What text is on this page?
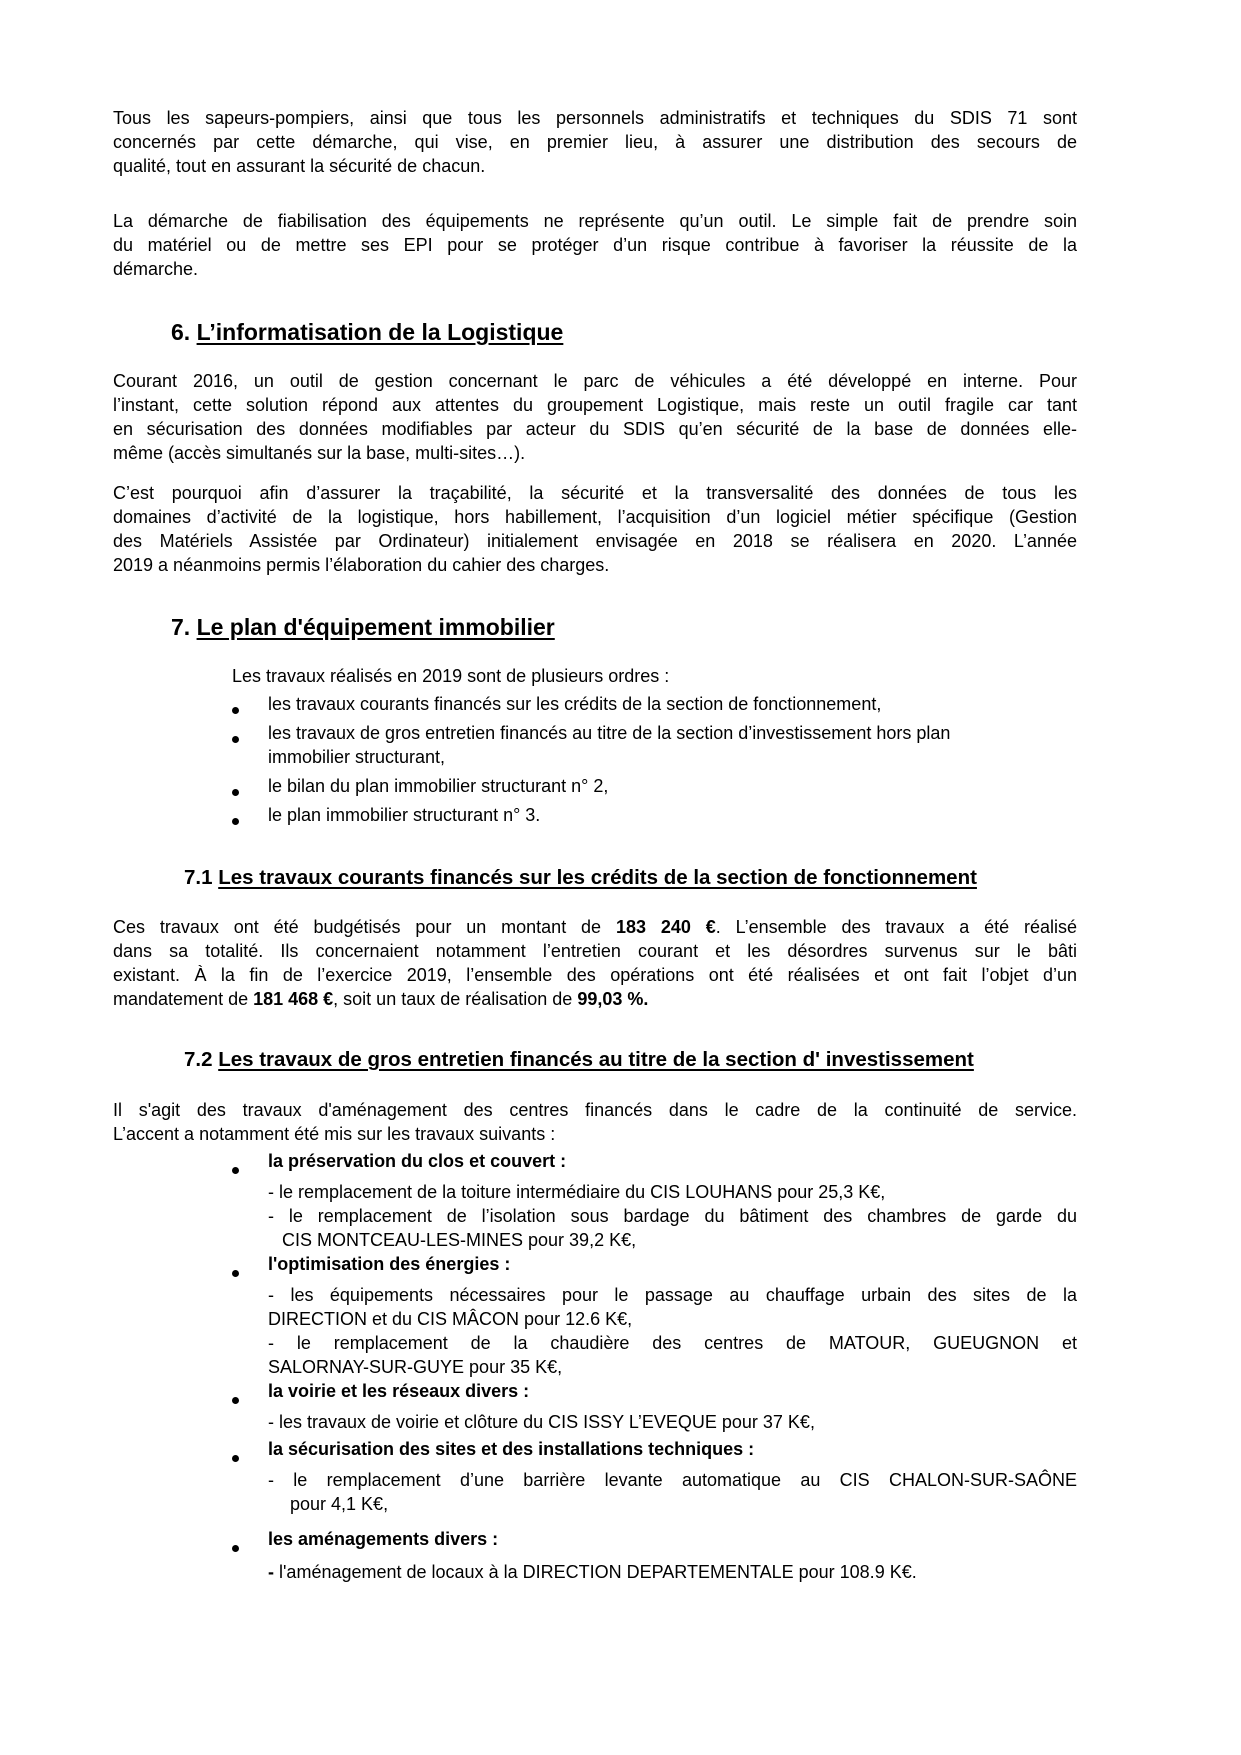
Tous les sapeurs-pompiers, ainsi que tous les personnels administratifs et techniques du SDIS 71 sont
concernés par cette démarche, qui vise, en premier lieu, à assurer une distribution des secours de
qualité, tout en assurant la sécurité de chacun.
La démarche de fiabilisation des équipements ne représente qu’un outil. Le simple fait de prendre soin
du matériel ou de mettre ses EPI pour se protéger d’un risque contribue à favoriser la réussite de la
démarche.
6. L’informatisation de la Logistique
Courant 2016, un outil de gestion concernant le parc de véhicules a été développé en interne. Pour
l’instant, cette solution répond aux attentes du groupement Logistique, mais reste un outil fragile car tant
en sécurisation des données modifiables par acteur du SDIS qu’en sécurité de la base de données elle-
même (accès simultanés sur la base, multi-sites…).
C’est pourquoi afin d’assurer la traçabilité, la sécurité et la transversalité des données de tous les
domaines d’activité de la logistique, hors habillement, l’acquisition d’un logiciel métier spécifique (Gestion
des Matériels Assistée par Ordinateur) initialement envisagée en 2018 se réalisera en 2020. L’année
2019 a néanmoins permis l’élaboration du cahier des charges.
7. Le plan d'équipement immobilier

Les travaux réalisés en 2019 sont de plusieurs ordres :

les travaux courants financés sur les crédits de la section de fonctionnement,

les travaux de gros entretien financés au titre de la section d’investissement hors plan

immobilier structurant,

le bilan du plan immobilier structurant n° 2,

le plan immobilier structurant n° 3.

7.1 Les travaux courants financés sur les crédits de la section de fonctionnement
Ces travaux ont été budgétisés pour un montant de 183 240 €. L’ensemble des travaux a été réalisé
dans sa totalité. Ils concernaient notamment l’entretien courant et les désordres survenus sur le bâti
existant. À la fin de l’exercice 2019, l’ensemble des opérations ont été réalisées et ont fait l’objet d’un
mandatement de 181 468 €, soit un taux de réalisation de 99,03 %.
7.2 Les travaux de gros entretien financés au titre de la section d' investissement
Il s'agit des travaux d'aménagement des centres financés dans le cadre de la continuité de service.
L’accent a notamment été mis sur les travaux suivants :

la préservation du clos et couvert :

- le remplacement de la toiture intermédiaire du CIS LOUHANS pour 25,3 K€,
- le remplacement de l’isolation sous bardage du bâtiment des chambres de garde du
CIS MONTCEAU-LES-MINES pour 39,2 K€,

l'optimisation des énergies :

- les équipements nécessaires pour le passage au chauffage urbain des sites de la
DIRECTION et du CIS MÂCON pour 12.6 K€,
- le remplacement de la chaudière des centres de MATOUR, GUEUGNON et
SALORNAY-SUR-GUYE pour 35 K€,

la voirie et les réseaux divers :

- les travaux de voirie et clôture du CIS ISSY L’EVEQUE pour 37 K€,

la sécurisation des sites et des installations techniques :

- le remplacement d’une barrière levante automatique au CIS CHALON-SUR-SAÔNE
pour 4,1 K€,

les aménagements divers :

- l'aménagement de locaux à la DIRECTION DEPARTEMENTALE pour 108.9 K€.
